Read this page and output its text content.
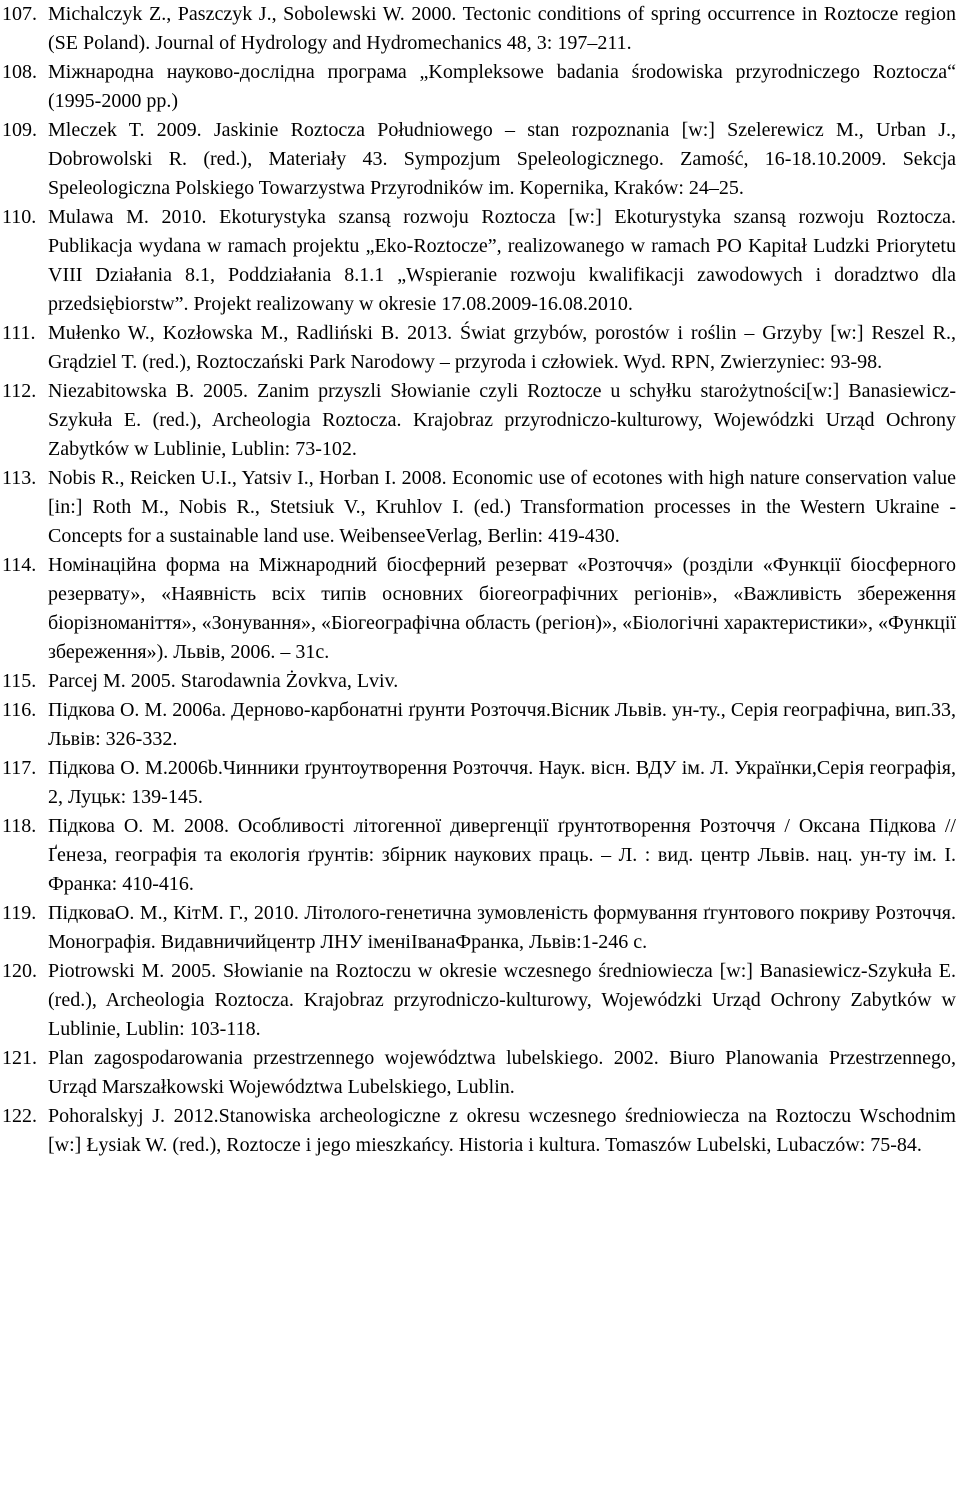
107. Michalczyk Z., Paszczyk J., Sobolewski W. 2000. Tectonic conditions of spring occurrence in Roztocze region (SE Poland). Journal of Hydrology and Hydromechanics 48, 3: 197–211.
108. Міжнародна науково-дослідна програма „Kompleksowe badania środowiska przyrodniczego Roztocza“ (1995-2000 pp.)
109. Mleczek T. 2009. Jaskinie Roztocza Południowego – stan rozpoznania [w:] Szelerewicz M., Urban J., Dobrowolski R. (red.), Materiały 43. Sympozjum Speleologicznego. Zamość, 16-18.10.2009. Sekcja Speleologiczna Polskiego Towarzystwa Przyrodników im. Kopernika, Kraków: 24–25.
110. Mulawa M. 2010. Ekoturystyka szansą rozwoju Roztocza [w:] Ekoturystyka szansą rozwoju Roztocza. Publikacja wydana w ramach projektu „Eko-Roztocze”, realizowanego w ramach PO Kapitał Ludzki Priorytetu VIII Działania 8.1, Poddziałania 8.1.1 „Wspieranie rozwoju kwalifikacji zawodowych i doradztwo dla przedsiębiorstw”. Projekt realizowany w okresie 17.08.2009-16.08.2010.
111. Mułenko W., Kozłowska M., Radliński B. 2013. Świat grzybów, porostów i roślin – Grzyby [w:] Reszel R., Grądziel T. (red.), Roztoczański Park Narodowy – przyroda i człowiek. Wyd. RPN, Zwierzyniec: 93-98.
112. Niezabitowska B. 2005. Zanim przyszli Słowianie czyli Roztocze u schyłku starożytności[w:] Banasiewicz-Szykuła E. (red.), Archeologia Roztocza. Krajobraz przyrodniczo-kulturowy, Wojewódzki Urząd Ochrony Zabytków w Lublinie, Lublin: 73-102.
113. Nobis R., Reicken U.I., Yatsiv I., Horban I. 2008. Economic use of ecotones with high nature conservation value [in:] Roth M., Nobis R., Stetsiuk V., Kruhlov I. (ed.) Transformation processes in the Western Ukraine - Concepts for a sustainable land use. WeibenseeVerlag, Berlin: 419-430.
114. Номінаційна форма на Міжнародний біосферний резерват «Розточчя» (розділи «Функції біосферного резервату», «Наявність всіх типів основних біогеографічних регіонів», «Важливість збереження біорізноманіття», «Зонування», «Біогеографічна область (регіон)», «Біологічні характеристики», «Функції збереження»). Львів, 2006. – 31с.
115. Parcej M. 2005. Starodawnia Żovkva, Lviv.
116. Підкова О. М. 2006а. Дерново-карбонатні ґрунти Розточчя.Вісник Львів. ун-ту., Серія географічна, вип.33, Львів: 326-332.
117. Підкова О. М.2006b.Чинники ґрунтоутворення Розточчя. Наук. вісн. ВДУ ім. Л. Українки,Серія географія, 2, Луцьк: 139-145.
118. Підкова О. М. 2008. Особливості літогенної дивергенції ґрунтотворення Розточчя / Оксана Підкова // Ґенеза, географія та екологія ґрунтів: збірник наукових праць. – Л. : вид. центр Львів. нац. ун-ту ім. І. Франка: 410-416.
119. ПідковаО. М., КітМ. Г., 2010. Літолого-генетична зумовленість формування ґгунтового покриву Розточчя. Монографія. Видавничийцентр ЛНУ іменіІванаФранка, Львів:1-246 с.
120. Piotrowski M. 2005. Słowianie na Roztoczu w okresie wczesnego średniowiecza [w:] Banasiewicz-Szykuła E. (red.), Archeologia Roztocza. Krajobraz przyrodniczo-kulturowy, Wojewódzki Urząd Ochrony Zabytków w Lublinie, Lublin: 103-118.
121. Plan zagospodarowania przestrzennego województwa lubelskiego. 2002. Biuro Planowania Przestrzennego, Urząd Marszałkowski Województwa Lubelskiego, Lublin.
122. Pohoralskyj J. 2012.Stanowiska archeologiczne z okresu wczesnego średniowiecza na Roztoczu Wschodnim [w:] Łysiak W. (red.), Roztocze i jego mieszkańcy. Historia i kultura. Tomaszów Lubelski, Lubaczów: 75-84.
